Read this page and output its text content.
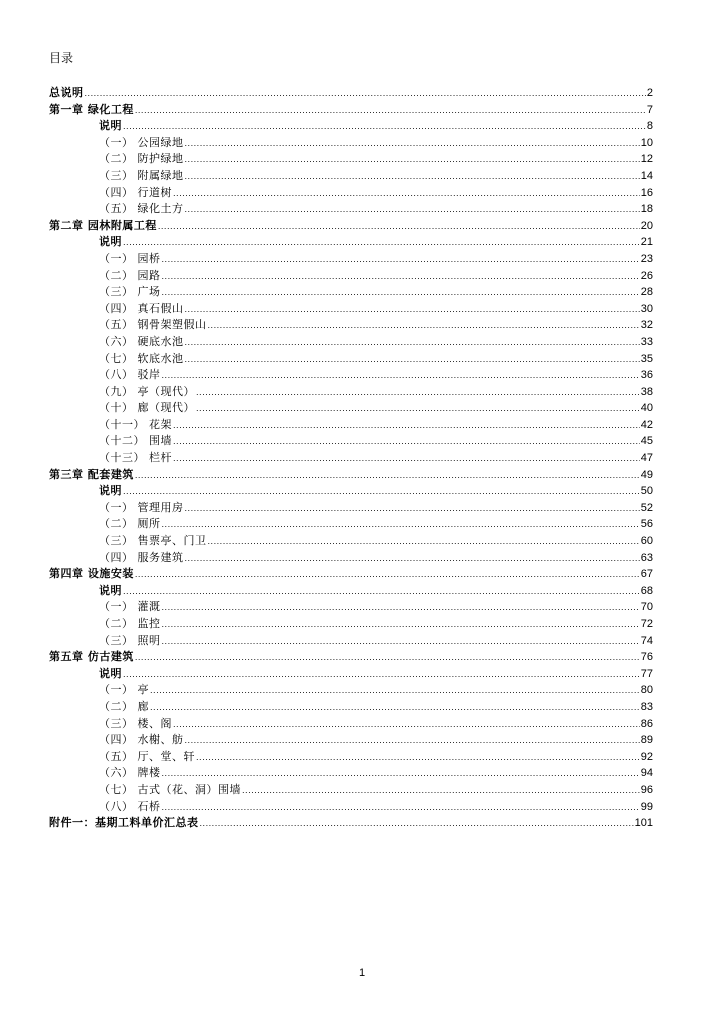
目录
总说明 .....	2
第一章 绿化工程 .....	7
说明 .....	8
（一） 公园绿地 .....	10
（二） 防护绿地 .....	12
（三） 附属绿地 .....	14
（四） 行道树 .....	16
（五） 绿化土方 .....	18
第二章 园林附属工程 .....	20
说明 .....	21
（一） 园桥 .....	23
（二） 园路 .....	26
（三） 广场 .....	28
（四） 真石假山 .....	30
（五） 钢骨架塑假山 .....	32
（六） 硬底水池 .....	33
（七） 软底水池 .....	35
（八） 驳岸 .....	36
（九） 亭（现代） .....	38
（十） 廊（现代） .....	40
（十一） 花架 .....	42
（十二） 围墙 .....	45
（十三） 栏杆 .....	47
第三章 配套建筑 .....	49
说明 .....	50
（一） 管理用房 .....	52
（二） 厕所 .....	56
（三） 售票亭、门卫 .....	60
（四） 服务建筑 .....	63
第四章 设施安装 .....	67
说明 .....	68
（一） 灌溉 .....	70
（二） 监控 .....	72
（三） 照明 .....	74
第五章 仿古建筑 .....	76
说明 .....	77
（一） 亭 .....	80
（二） 廊 .....	83
（三） 楼、阁 .....	86
（四） 水榭、舫 .....	89
（五） 厅、堂、轩 .....	92
（六） 牌楼 .....	94
（七） 古式（花、洞）围墙 .....	96
（八） 石桥 .....	99
附件一：基期工料单价汇总表 .....	101
1
